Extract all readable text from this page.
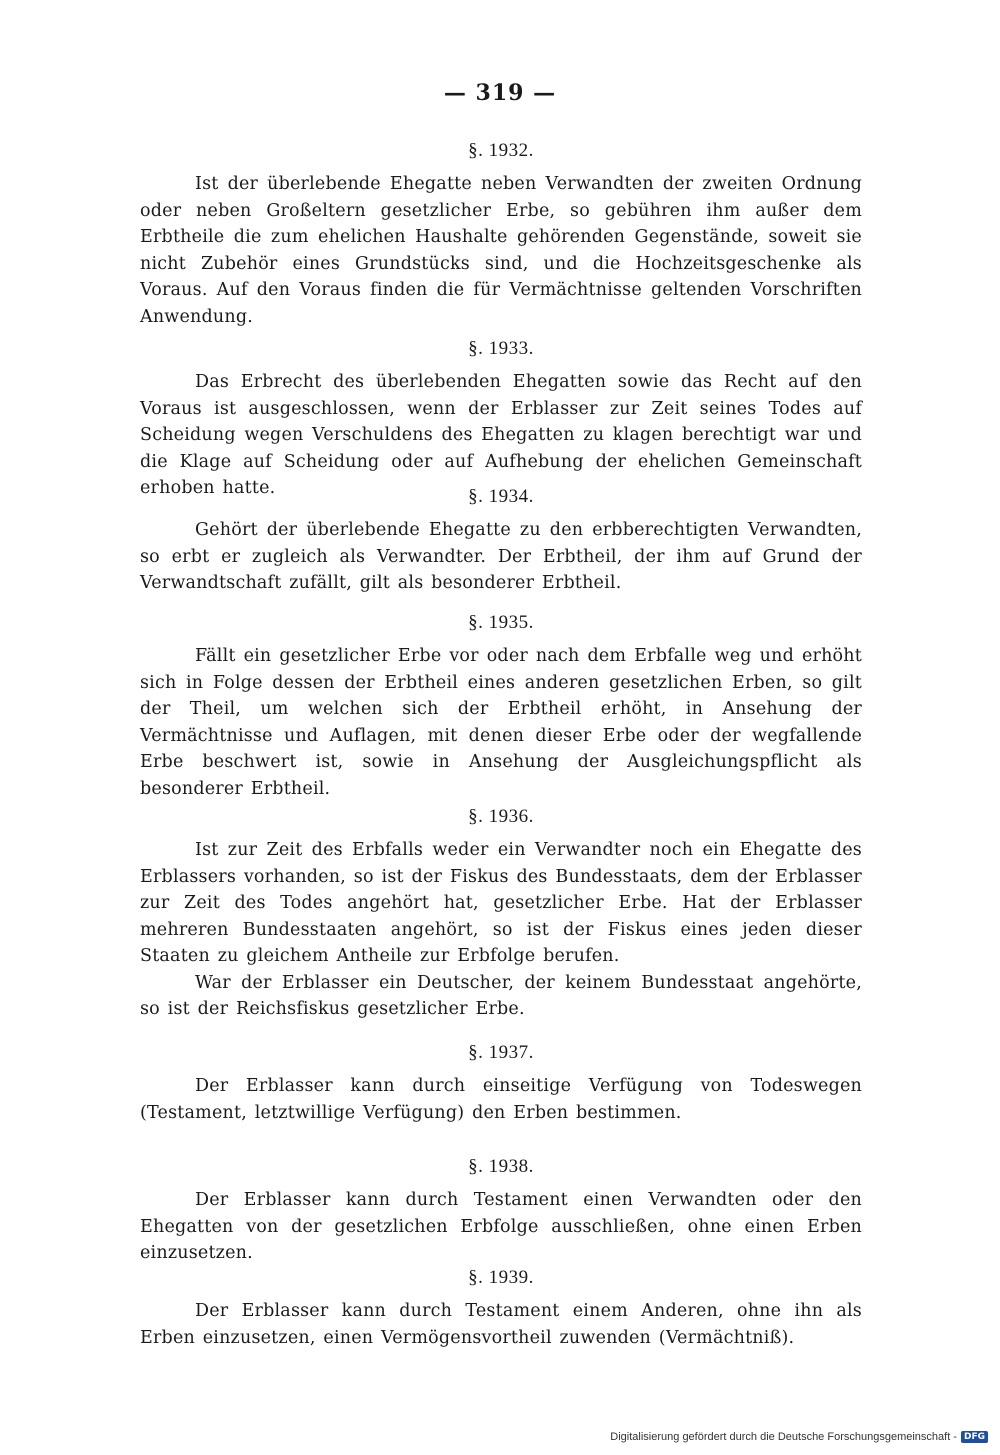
— 319 —
§. 1932.

Ist der überlebende Ehegatte neben Verwandten der zweiten Ordnung oder neben Großeltern gesetzlicher Erbe, so gebühren ihm außer dem Erbtheile die zum ehelichen Haushalte gehörenden Gegenstände, soweit sie nicht Zubehör eines Grundstücks sind, und die Hochzeitsgeschenke als Voraus. Auf den Voraus finden die für Vermächtnisse geltenden Vorschriften Anwendung.

§. 1933.

Das Erbrecht des überlebenden Ehegatten sowie das Recht auf den Voraus ist ausgeschlossen, wenn der Erblasser zur Zeit seines Todes auf Scheidung wegen Verschuldens des Ehegatten zu klagen berechtigt war und die Klage auf Scheidung oder auf Aufhebung der ehelichen Gemeinschaft erhoben hatte.	§. 1934.

Gehört der überlebende Ehegatte zu den erbberechtigten Verwandten, so erbt er zugleich als Verwandter. Der Erbtheil, der ihm auf Grund der Verwandtschaft zufällt, gilt als besonderer Erbtheil.

§. 1935.

Fällt ein gesetzlicher Erbe vor oder nach dem Erbfalle weg und erhöht sich in Folge dessen der Erbtheil eines anderen gesetzlichen Erben, so gilt der Theil, um welchen sich der Erbtheil erhöht, in Ansehung der Vermächtnisse und Auflagen, mit denen dieser Erbe oder der wegfallende Erbe beschwert ist, sowie in Ansehung der Ausgleichungspflicht als besonderer Erbtheil.

§. 1936.

Ist zur Zeit des Erbfalls weder ein Verwandter noch ein Ehegatte des Erblassers vorhanden, so ist der Fiskus des Bundesstaats, dem der Erblasser zur Zeit des Todes angehört hat, gesetzlicher Erbe. Hat der Erblasser mehreren Bundesstaaten angehört, so ist der Fiskus eines jeden dieser Staaten zu gleichem Antheile zur Erbfolge berufen.

War der Erblasser ein Deutscher, der keinem Bundesstaat angehörte, so ist der Reichsfiskus gesetzlicher Erbe.

§. 1937.

Der Erblasser kann durch einseitige Verfügung von Todeswegen (Testament, letztwillige Verfügung) den Erben bestimmen.

§. 1938.

Der Erblasser kann durch Testament einen Verwandten oder den Ehegatten von der gesetzlichen Erbfolge ausschließen, ohne einen Erben einzusetzen.

§. 1939.

Der Erblasser kann durch Testament einem Anderen, ohne ihn als Erben einzusetzen, einen Vermögensvortheil zuwenden (Vermächtniß).

Digitalisierung gefördert durch die Deutsche Forschungsgemeinschaft - DFG
